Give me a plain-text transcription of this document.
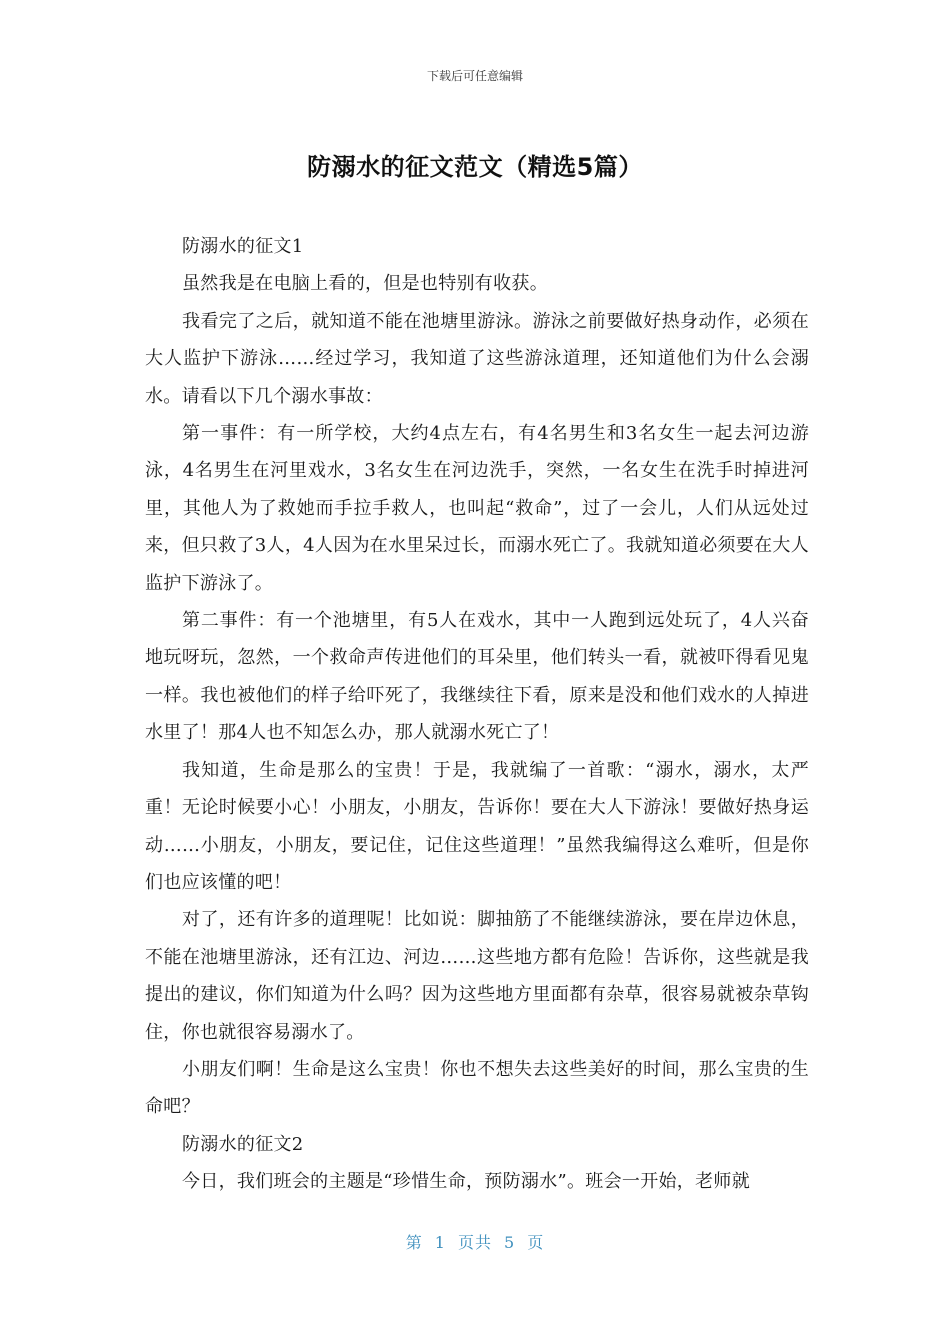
下载后可任意编辑
防溺水的征文范文（精选5篇）

防溺水的征文1

虽然我是在电脑上看的，但是也特别有收获。

我看完了之后，就知道不能在池塘里游泳。游泳之前要做好热身动作，必须在大人监护下游泳……经过学习，我知道了这些游泳道理，还知道他们为什么会溺水。请看以下几个溺水事故：

第一事件：有一所学校，大约4点左右，有4名男生和3名女生一起去河边游泳，4名男生在河里戏水，3名女生在河边洗手，突然，一名女生在洗手时掉进河里，其他人为了救她而手拉手救人，也叫起“救命”，过了一会儿，人们从远处过来，但只救了3人，4人因为在水里呆过长，而溺水死亡了。我就知道必须要在大人监护下游泳了。

第二事件：有一个池塘里，有5人在戏水，其中一人跑到远处玩了，4人兴奋地玩呀玩，忽然，一个救命声传进他们的耳朵里，他们转头一看，就被吓得看见鬼一样。我也被他们的样子给吓死了，我继续往下看，原来是没和他们戏水的人掉进水里了！那4人也不知怎么办，那人就溺水死亡了！

我知道，生命是那么的宝贵！于是，我就编了一首歌：“溺水，溺水，太严重！无论时候要小心！小朋友，小朋友，告诉你！要在大人下游泳！要做好热身运动……小朋友，小朋友，要记住，记住这些道理！”虽然我编得这么难听，但是你们也应该懂的吧！

对了，还有许多的道理呢！比如说：脚抽筋了不能继续游泳，要在岸边休息，不能在池塘里游泳，还有江边、河边……这些地方都有危险！告诉你，这些就是我提出的建议，你们知道为什么吗？因为这些地方里面都有杂草，很容易就被杂草钩住，你也就很容易溺水了。

小朋友们啊！生命是这么宝贵！你也不想失去这些美好的时间，那么宝贵的生命吧？

防溺水的征文2

今日，我们班会的主题是“珍惜生命，预防溺水”。班会一开始，老师就

第 1 页共 5 页
